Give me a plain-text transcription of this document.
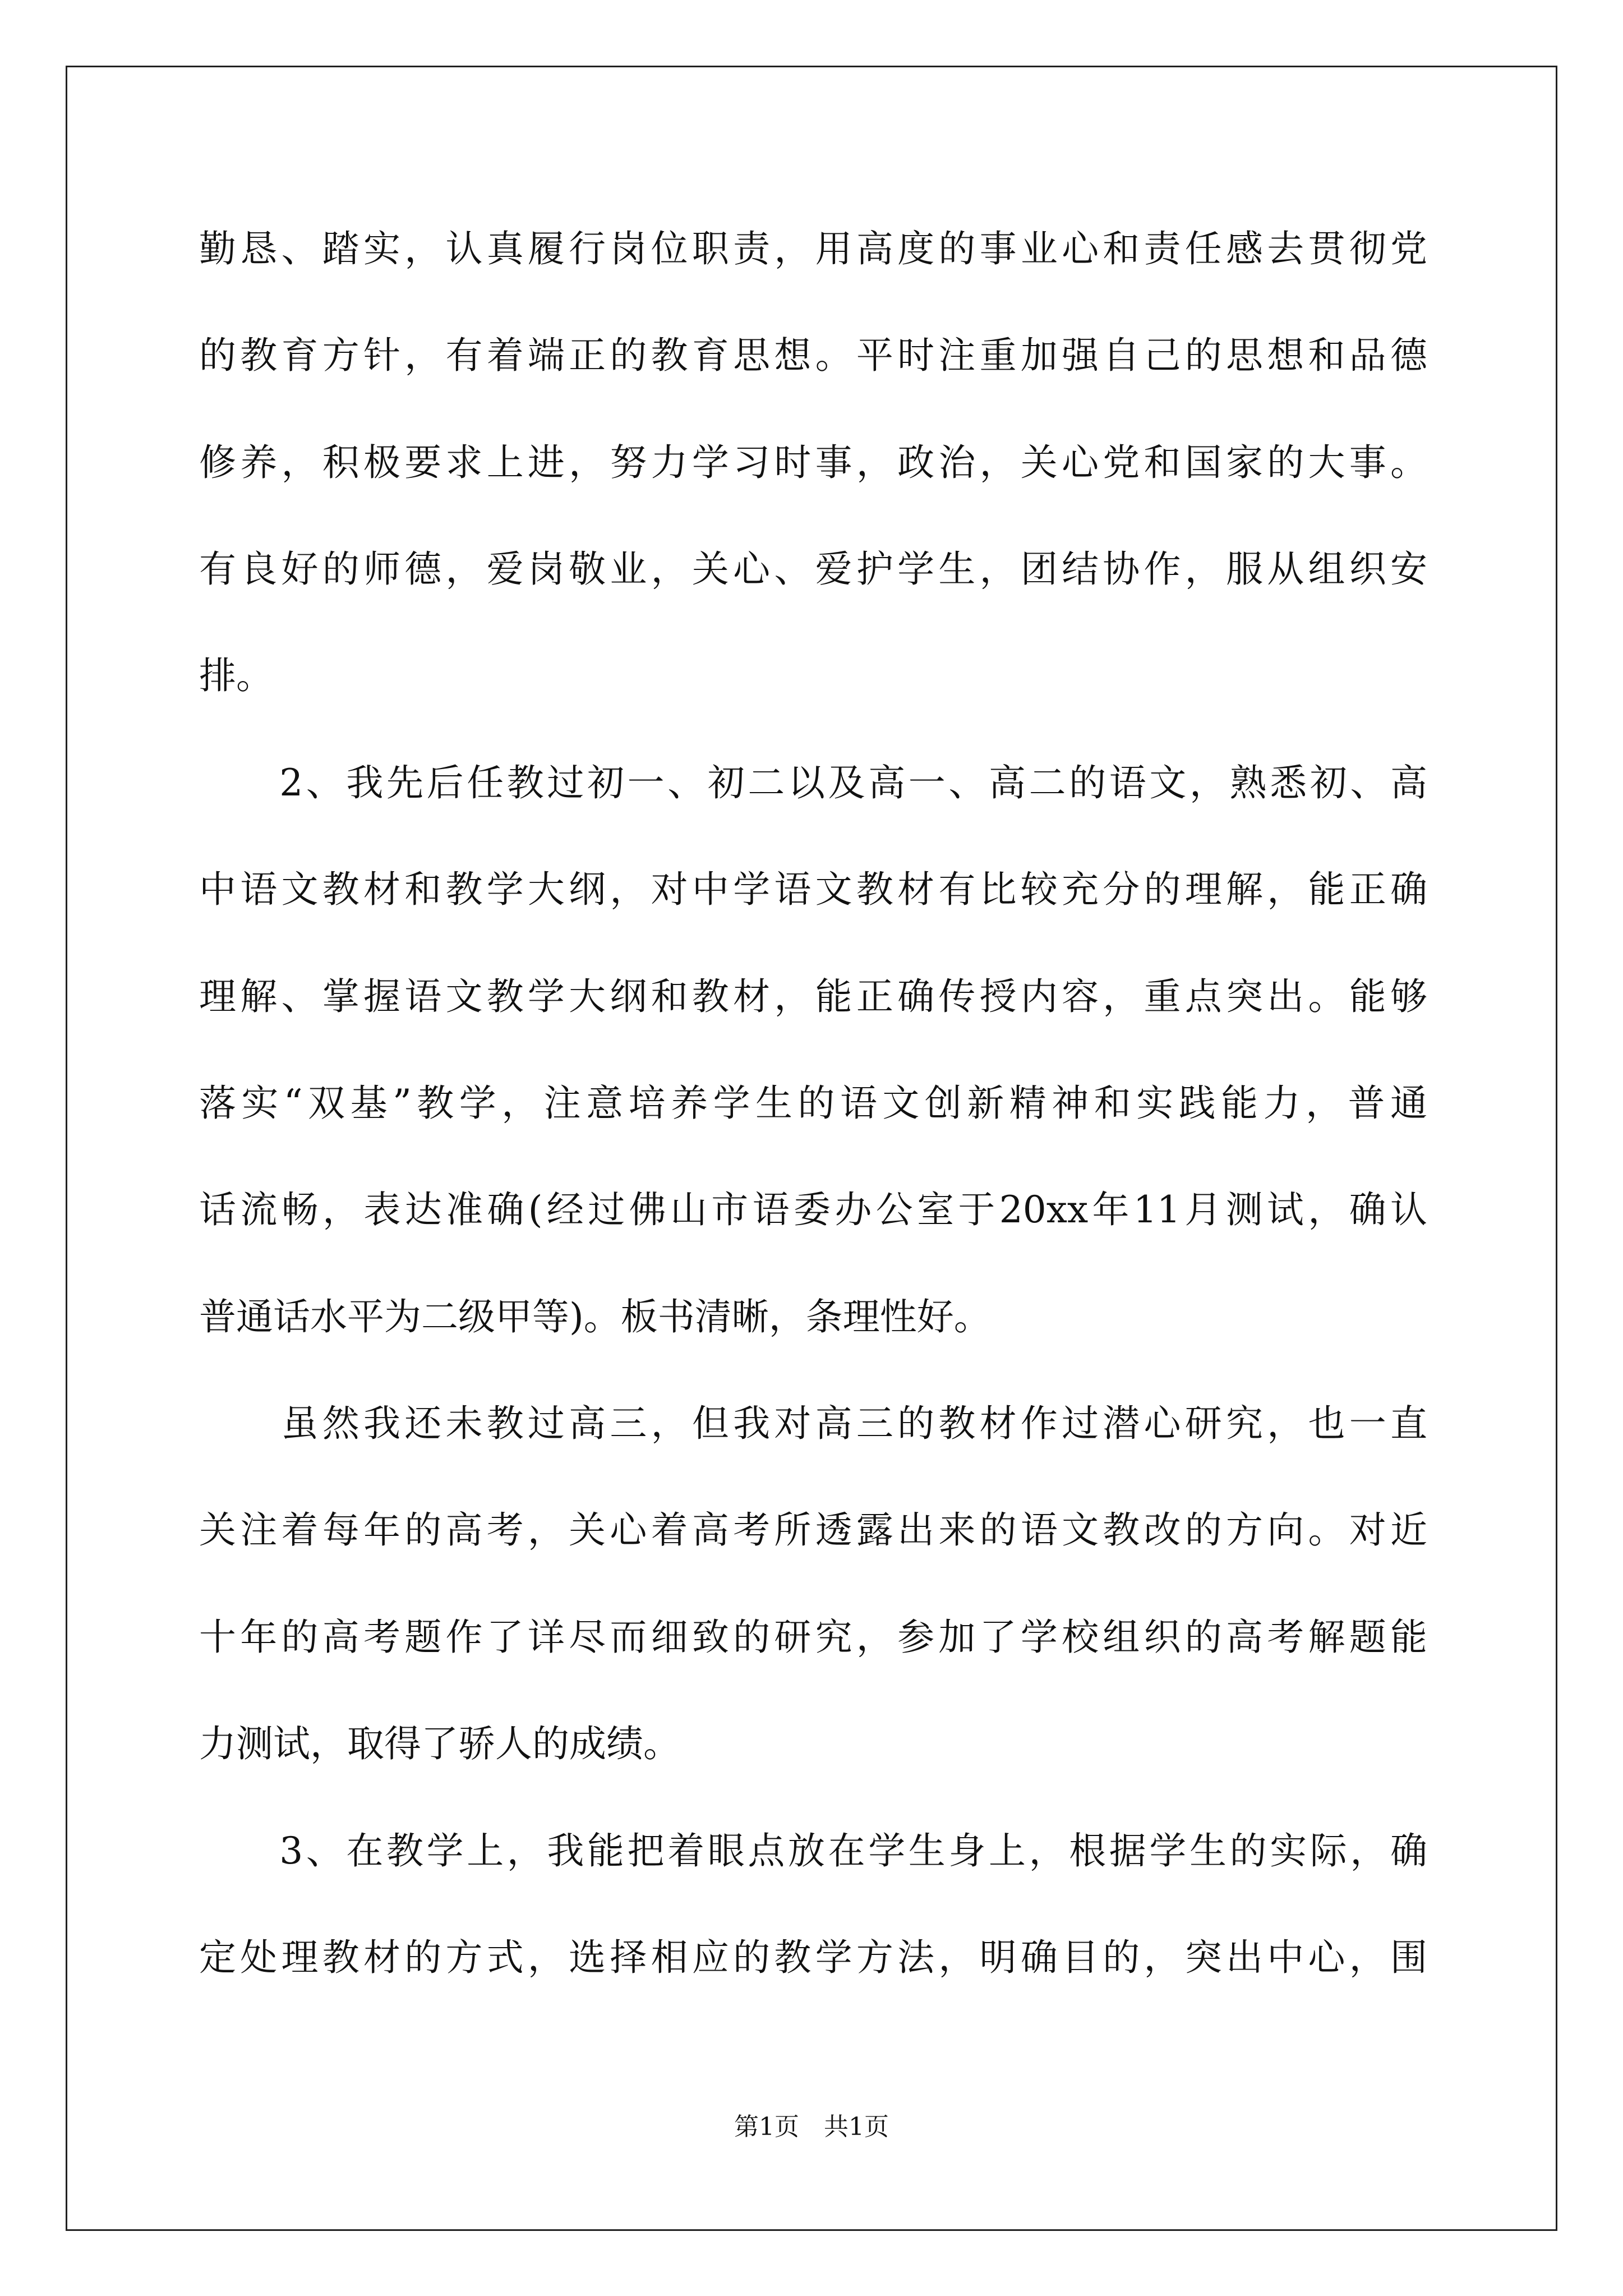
勤恳、踏实，认真履行岗位职责，用高度的事业心和责任感去贯彻党
的教育方针，有着端正的教育思想。平时注重加强自己的思想和品德
修养，积极要求上进，努力学习时事，政治，关心党和国家的大事。
有良好的师德，爱岗敬业，关心、爱护学生，团结协作，服从组织安
排。
　　2、我先后任教过初一、初二以及高一、高二的语文，熟悉初、高
中语文教材和教学大纲，对中学语文教材有比较充分的理解，能正确
理解、掌握语文教学大纲和教材，能正确传授内容，重点突出。能够
落实“双基”教学，注意培养学生的语文创新精神和实践能力，普通
话流畅，表达准确(经过佛山市语委办公室于20xx年11月测试，确认
普通话水平为二级甲等)。板书清晰，条理性好。
　　虽然我还未教过高三，但我对高三的教材作过潜心研究，也一直
关注着每年的高考，关心着高考所透露出来的语文教改的方向。对近
十年的高考题作了详尽而细致的研究，参加了学校组织的高考解题能
力测试，取得了骄人的成绩。
　　3、在教学上，我能把着眼点放在学生身上，根据学生的实际，确
定处理教材的方式，选择相应的教学方法，明确目的，突出中心，围
第1页　共1页
